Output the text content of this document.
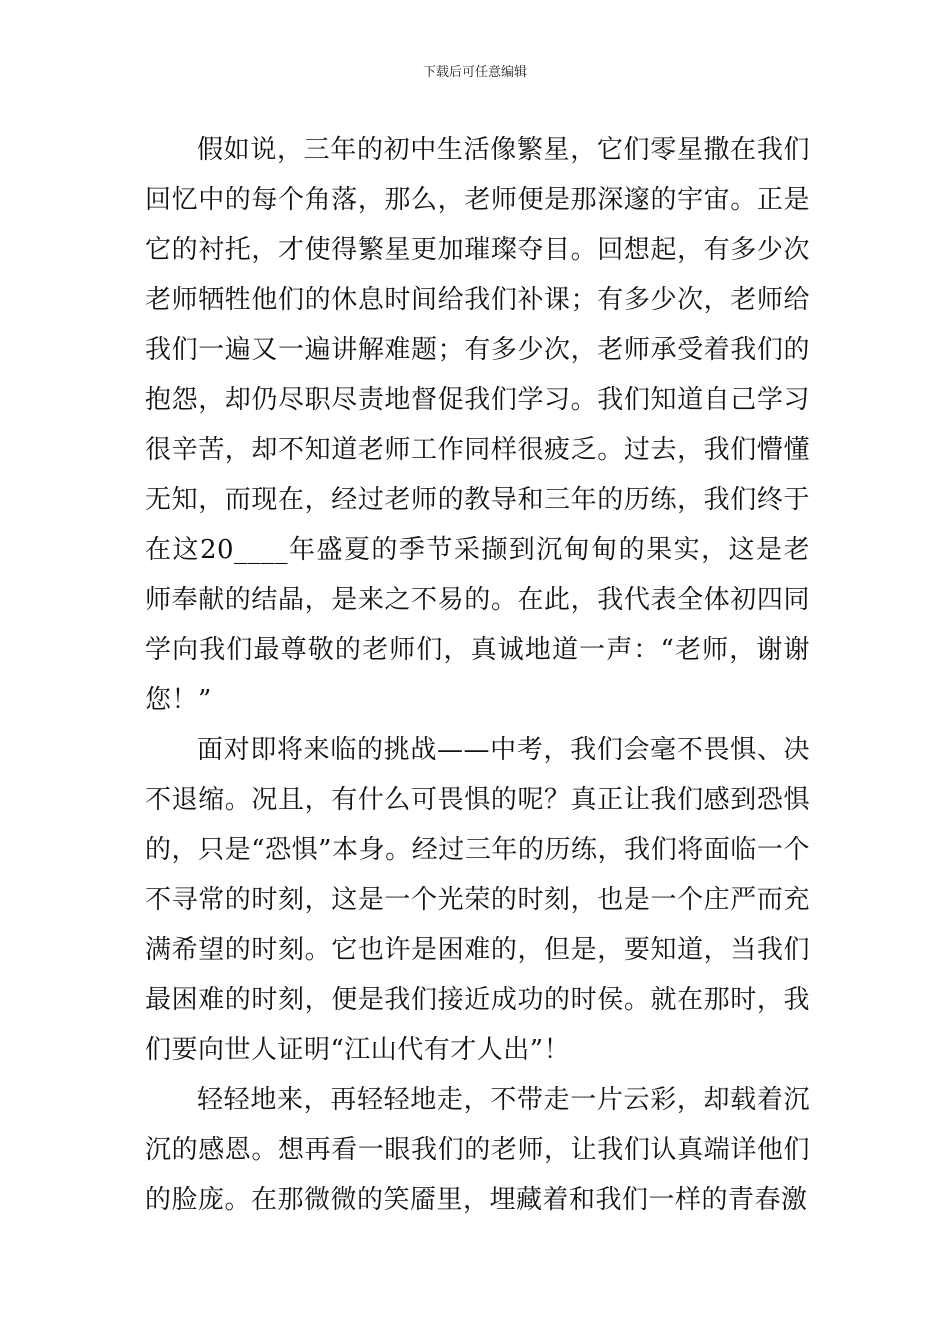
下载后可任意编辑

假如说，三年的初中生活像繁星，它们零星撒在我们回忆中的每个角落，那么，老师便是那深邃的宇宙。正是它的衬托，才使得繁星更加璀璨夺目。回想起，有多少次老师牺牲他们的休息时间给我们补课；有多少次，老师给我们一遍又一遍讲解难题；有多少次，老师承受着我们的抱怨，却仍尽职尽责地督促我们学习。我们知道自己学习很辛苦，却不知道老师工作同样很疲乏。过去，我们懵懂无知，而现在，经过老师的教导和三年的历练，我们终于在这20____年盛夏的季节采撷到沉甸甸的果实，这是老师奉献的结晶，是来之不易的。在此，我代表全体初四同学向我们最尊敬的老师们，真诚地道一声：“老师，谢谢您！”

面对即将来临的挑战——中考，我们会毫不畏惧、决不退缩。况且，有什么可畏惧的呢？真正让我们感到恐惧的，只是“恐惧”本身。经过三年的历练，我们将面临一个不寻常的时刻，这是一个光荣的时刻，也是一个庄严而充满希望的时刻。它也许是困难的，但是，要知道，当我们最困难的时刻，便是我们接近成功的时侯。就在那时，我们要向世人证明“江山代有才人出”！

轻轻地来，再轻轻地走，不带走一片云彩，却载着沉沉的感恩。想再看一眼我们的老师，让我们认真端详他们的脸庞。在那微微的笑靥里，埋藏着和我们一样的青春激
